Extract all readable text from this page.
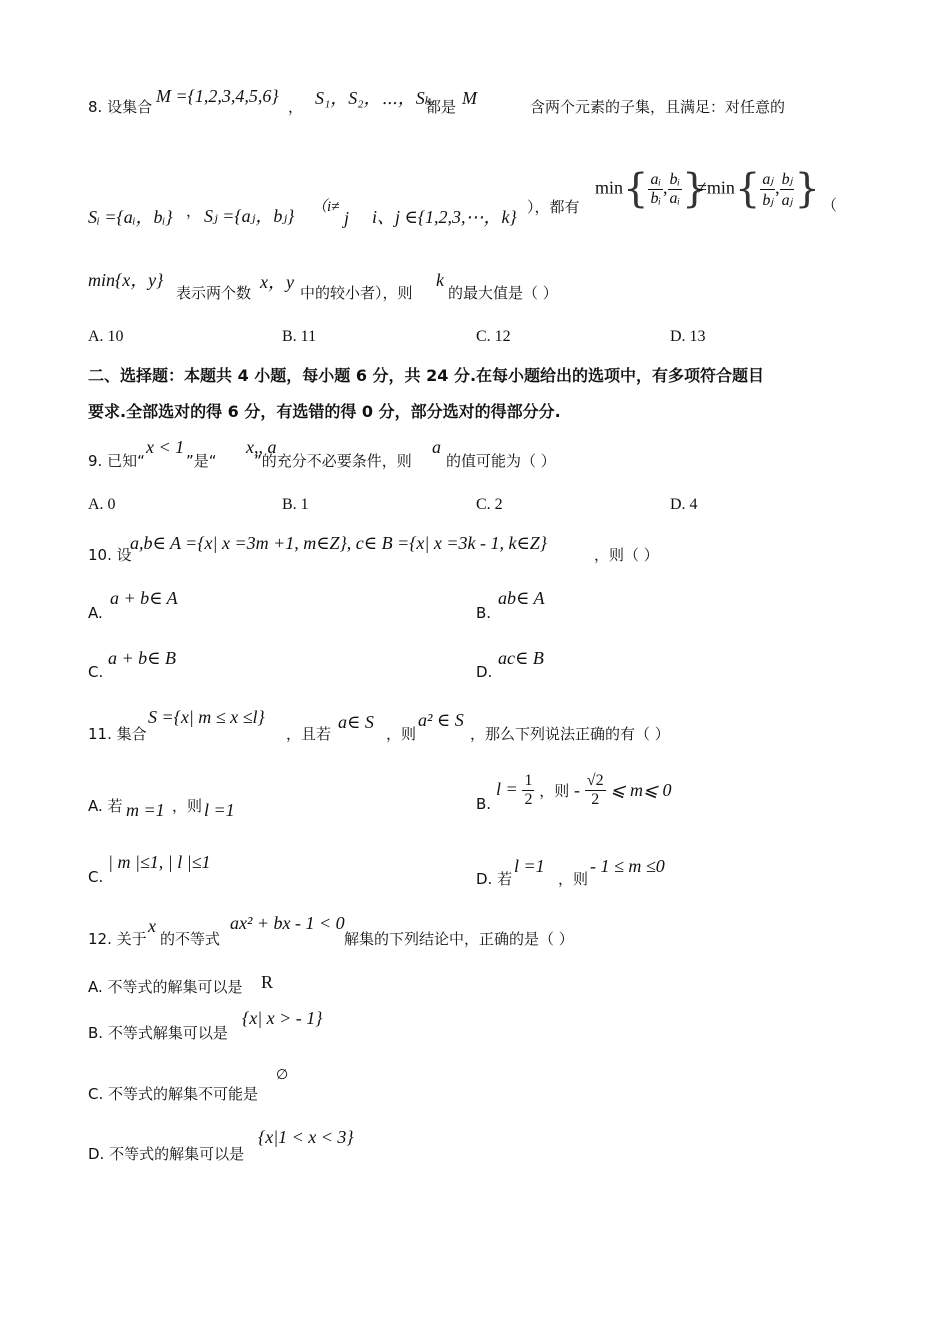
8. 设集合
M ={1,2,3,4,5,6}
， S₁，S₂，⋯，Sₖ
都是 M	含两个元素的子集，且满足：对任意的
Sᵢ ={aᵢ，bᵢ} ， Sⱼ ={aⱼ，bⱼ} （i≠
j i、j ∈{1,2,3,⋯，k} ），都有
$\min\{ \frac{\text{aᵢ}}{\text{bᵢ}}$ , $\frac{\text{bᵢ}}{\text{aᵢ}}$ }
$\ne\min\{ \frac{\text{aⱼ}}{\text{bⱼ}}$ , $\frac{\text{bⱼ}}{\text{aⱼ}}$ } （
min{x，y}
表示两个数
x，y
中的较小者），则
k
的最大值是（ ）
A. 10	B. 11	C. 12	D. 13
二、选择题：本题共 4 小题，每小题 6 分，共 24 分.在每小题给出的选项中，有多项符合题目
要求.全部选对的得 6 分，有选错的得 0 分，部分选对的得部分分.
9. 已知“
x < 1
”是“
x,, a
”的充分不必要条件，则
a
的值可能为（ ）
A. 0	B. 1	C. 2	D. 4
10. 设
a,b∈ A ={x| x =3m +1, m∈Z}, c∈ B ={x| x =3k - 1, k∈Z}
，则（ ）
A.
a + b∈ A
B.
ab∈ A
C.
a + b∈ B
D.
ac∈ B
11. 集合
S ={x| m ≤ x ≤l}
，且若
a∈ S
，则
a² ∈ S
，那么下列说法正确的有（ ）
A. 若 m =1 ，则 l =1	B.
$l = \frac{1}{2}$ ，则 - $\frac{√2}{2}$ ⩽ m⩽ 0
C.
| m |≤1, | l |≤1
D. 若
l =1
，则
- 1 ≤ m ≤0
12. 关于
x
的不等式
ax² + bx - 1 < 0
解集的下列结论中，正确的是（ ）
A. 不等式的解集可以是 R
B. 不等式解集可以是
{x| x > - 1}
C. 不等式的解集不可能是
∅
D. 不等式的解集可以是
{x|1 < x < 3}
